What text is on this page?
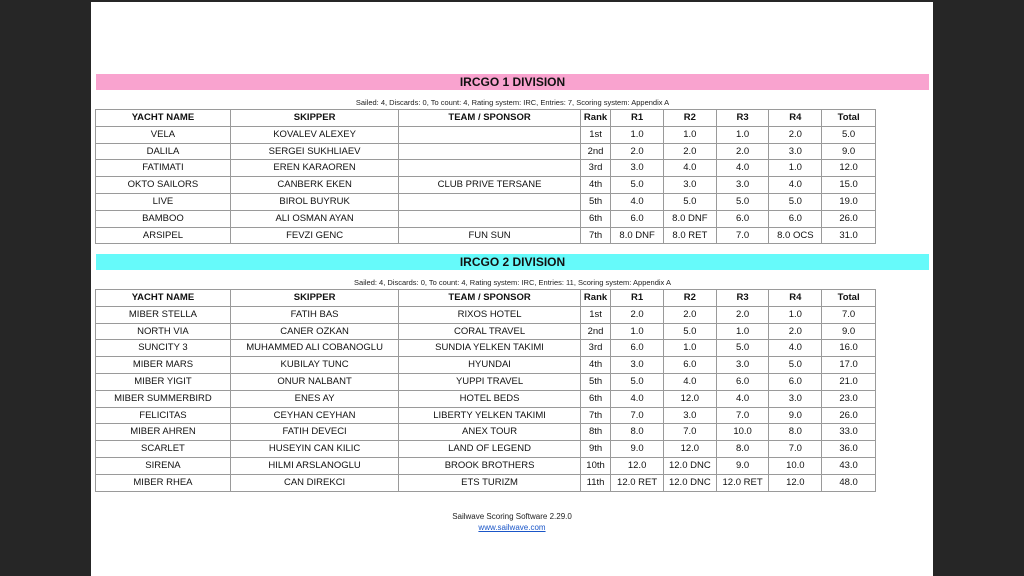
IRCGO 1 DIVISION
Sailed: 4, Discards: 0, To count: 4, Rating system: IRC, Entries: 7, Scoring system: Appendix A
YACHT NAME	SKIPPER	TEAM / SPONSOR	Rank	R1	R2	R3	R4	Total
VELA	KOVALEV ALEXEY		1st	1.0	1.0	1.0	2.0	5.0
DALILA	SERGEI SUKHLIAEV		2nd	2.0	2.0	2.0	3.0	9.0
FATIMATI	EREN KARAOREN		3rd	3.0	4.0	4.0	1.0	12.0
OKTO SAILORS	CANBERK EKEN	CLUB PRIVE TERSANE	4th	5.0	3.0	3.0	4.0	15.0
LIVE	BIROL BUYRUK		5th	4.0	5.0	5.0	5.0	19.0
BAMBOO	ALI OSMAN AYAN		6th	6.0	8.0 DNF	6.0	6.0	26.0
ARSIPEL	FEVZI GENC	FUN SUN	7th	8.0 DNF	8.0 RET	7.0	8.0 OCS	31.0
IRCGO 2 DIVISION
Sailed: 4, Discards: 0, To count: 4, Rating system: IRC, Entries: 11, Scoring system: Appendix A
YACHT NAME	SKIPPER	TEAM / SPONSOR	Rank	R1	R2	R3	R4	Total
MIBER STELLA	FATIH BAS	RIXOS HOTEL	1st	2.0	2.0	2.0	1.0	7.0
NORTH VIA	CANER OZKAN	CORAL TRAVEL	2nd	1.0	5.0	1.0	2.0	9.0
SUNCITY 3	MUHAMMED ALI COBANOGLU	SUNDIA YELKEN TAKIMI	3rd	6.0	1.0	5.0	4.0	16.0
MIBER MARS	KUBILAY TUNC	HYUNDAI	4th	3.0	6.0	3.0	5.0	17.0
MIBER YIGIT	ONUR NALBANT	YUPPI TRAVEL	5th	5.0	4.0	6.0	6.0	21.0
MIBER SUMMERBIRD	ENES AY	HOTEL BEDS	6th	4.0	12.0	4.0	3.0	23.0
FELICITAS	CEYHAN CEYHAN	LIBERTY YELKEN TAKIMI	7th	7.0	3.0	7.0	9.0	26.0
MIBER AHREN	FATIH DEVECI	ANEX TOUR	8th	8.0	7.0	10.0	8.0	33.0
SCARLET	HUSEYIN CAN KILIC	LAND OF LEGEND	9th	9.0	12.0	8.0	7.0	36.0
SIRENA	HILMI ARSLANOGLU	BROOK BROTHERS	10th	12.0	12.0 DNC	9.0	10.0	43.0
MIBER RHEA	CAN DIREKCI	ETS TURIZM	11th	12.0 RET	12.0 DNC	12.0 RET	12.0	48.0
Sailwave Scoring Software 2.29.0
www.sailwave.com
